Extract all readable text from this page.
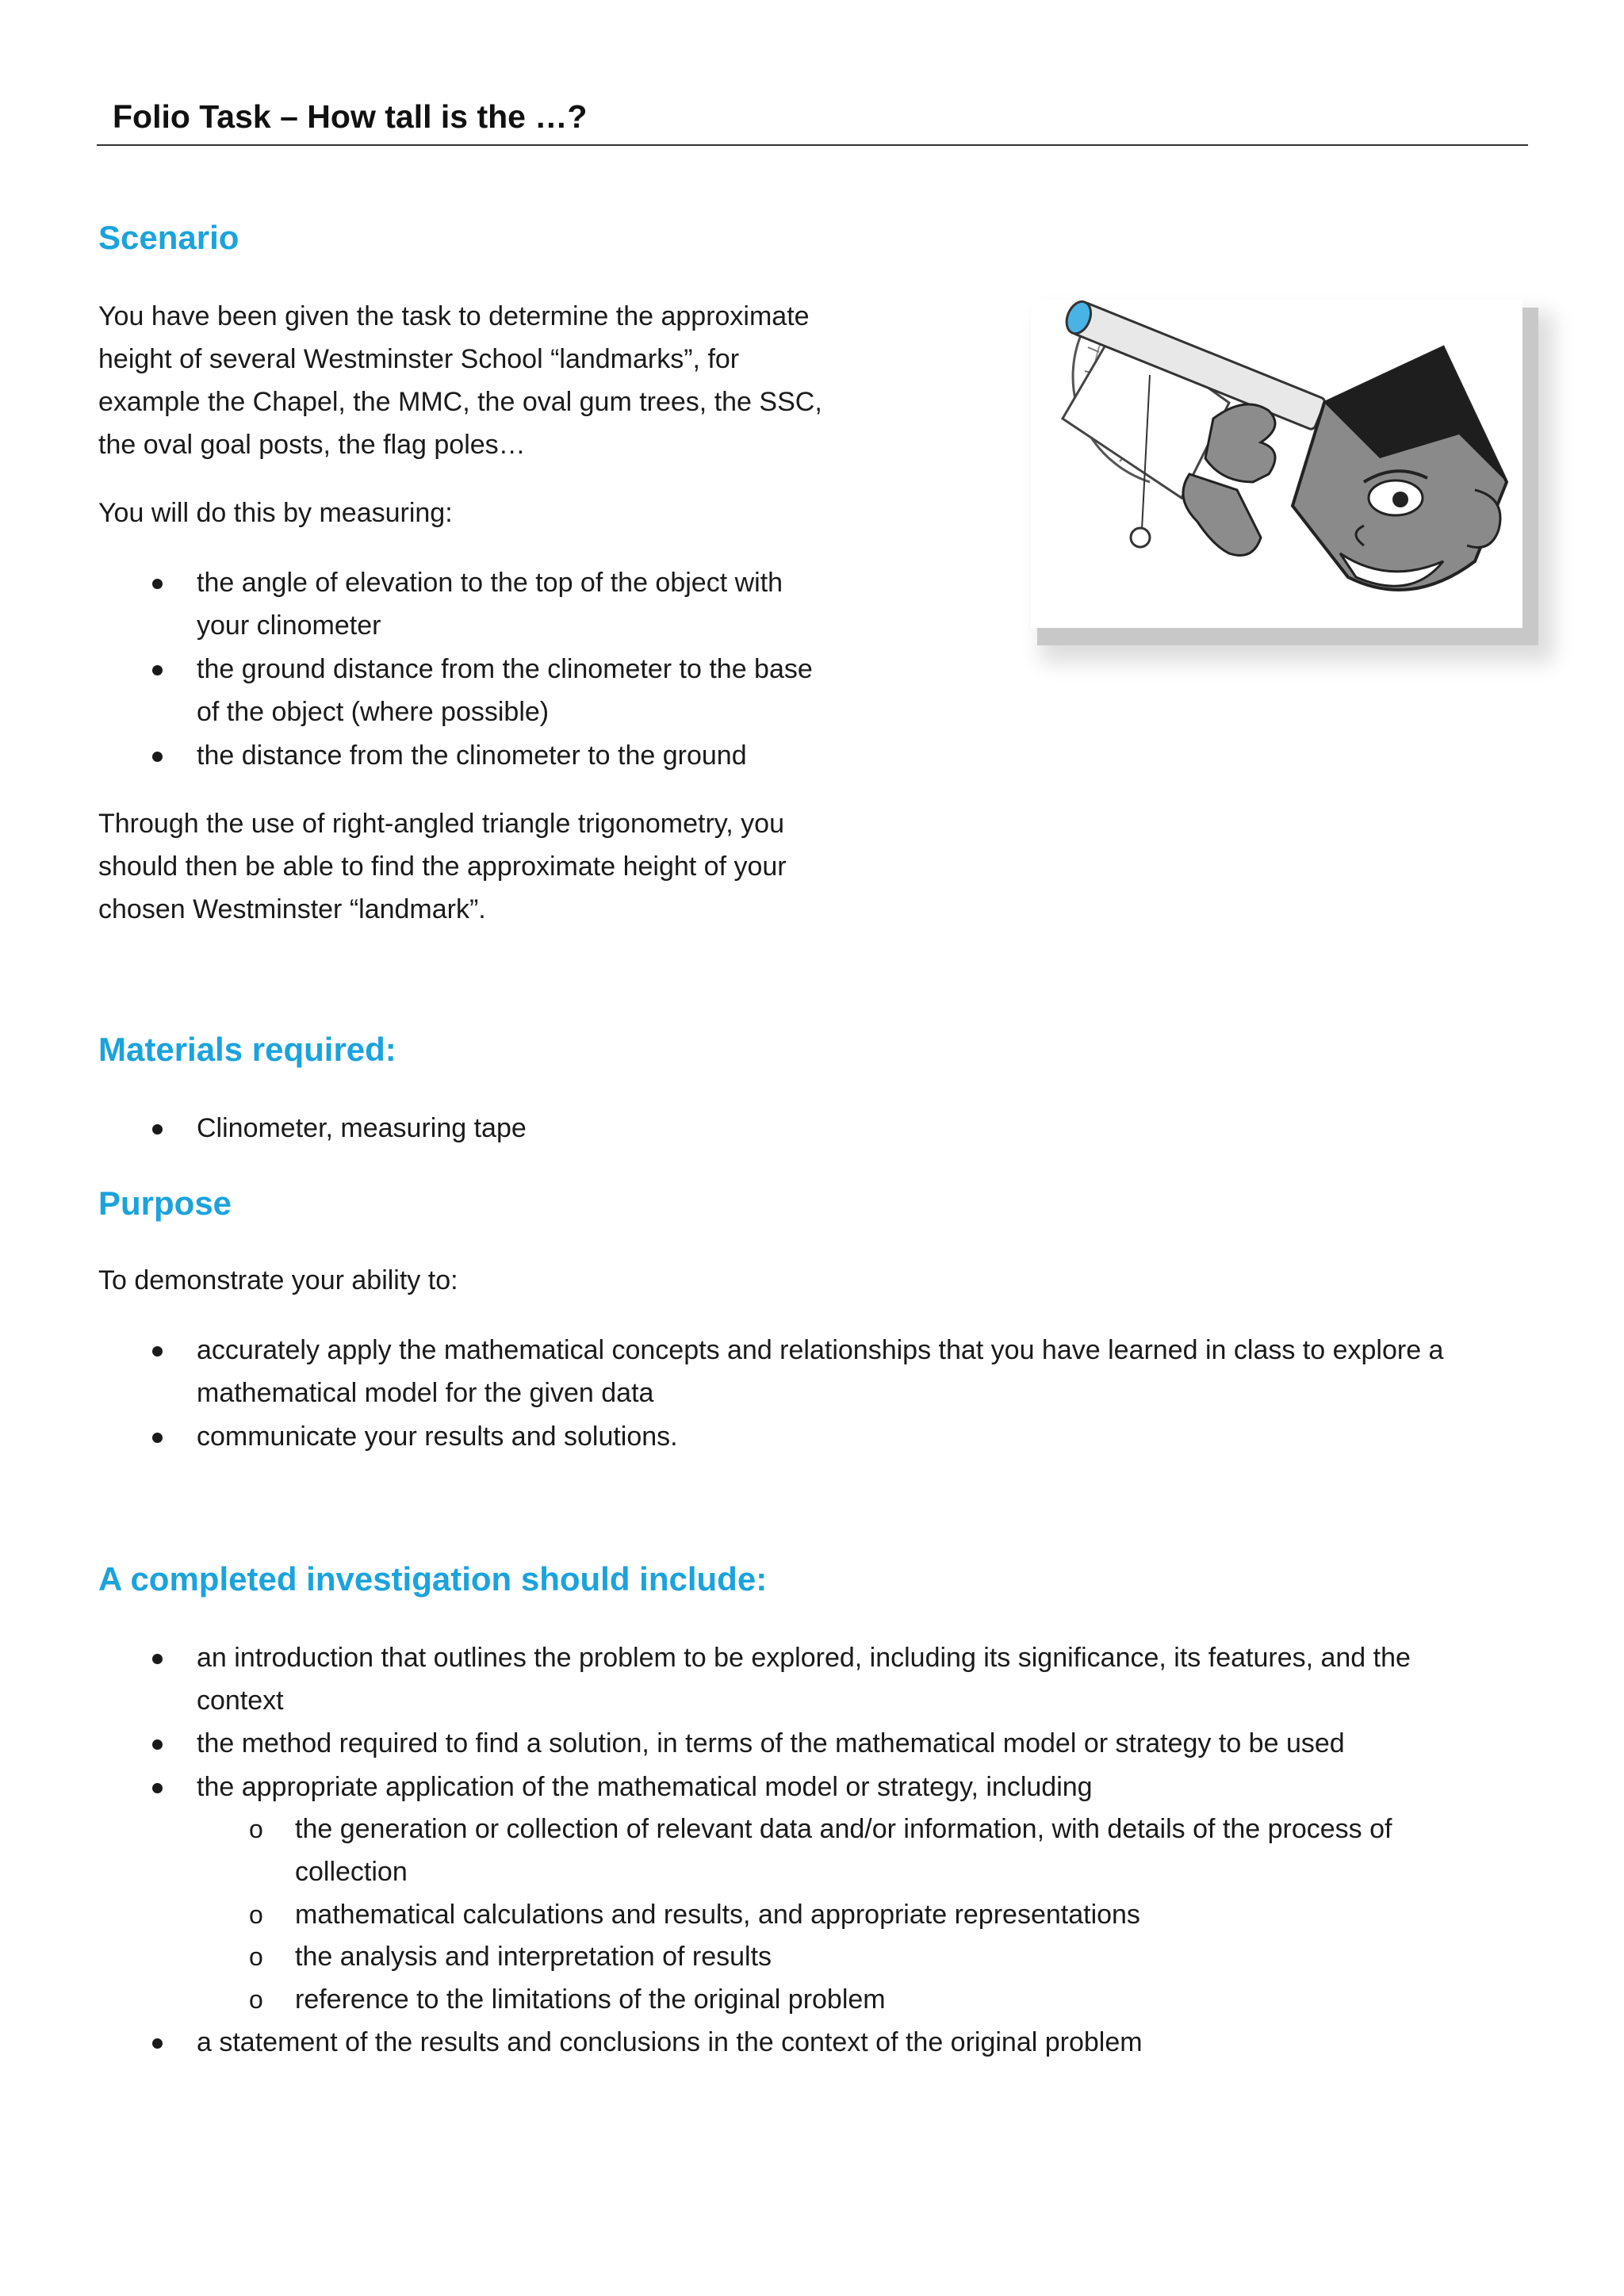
Folio Task – How tall is the …?
Scenario
You have been given the task to determine the approximate
height of several Westminster School “landmarks”, for
example the Chapel, the MMC, the oval gum trees, the SSC,
the oval goal posts, the flag poles…
You will do this by measuring:
the angle of elevation to the top of the object with
your clinometer
the ground distance from the clinometer to the base
of the object (where possible)
the distance from the clinometer to the ground
Through the use of right-angled triangle trigonometry, you
should then be able to find the approximate height of your
chosen Westminster “landmark”.
Materials required:
Clinometer, measuring tape
Purpose
To demonstrate your ability to:
accurately apply the mathematical concepts and relationships that you have learned in class to explore a
mathematical model for the given data
communicate your results and solutions.
A completed investigation should include:
an introduction that outlines the problem to be explored, including its significance, its features, and the
context
the method required to find a solution, in terms of the mathematical model or strategy to be used
the appropriate application of the mathematical model or strategy, including
o the generation or collection of relevant data and/or information, with details of the process of
collection
o mathematical calculations and results, and appropriate representations
o the analysis and interpretation of results
o reference to the limitations of the original problem
a statement of the results and conclusions in the context of the original problem
